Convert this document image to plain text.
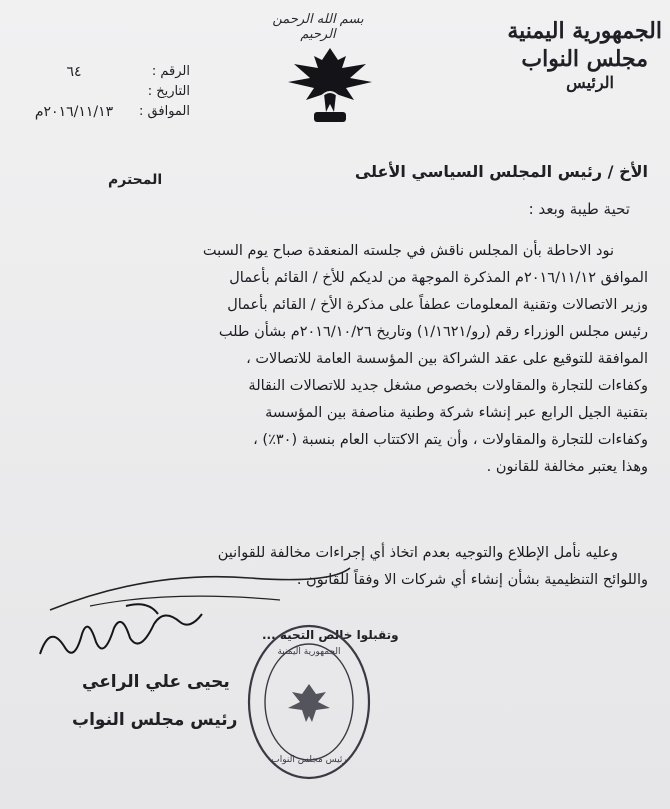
بسم الله الرحمن الرحيم	الجمهورية اليمنية
مجلس النواب
الرئيس
الرقم :
٦٤
التاريخ :
الموافق :
٢٠١٦/١١/١٣م
الأخ / رئيس المجلس السياسي الأعلى
المحترم
تحية طيبة وبعد :
نود الاحاطة بأن المجلس ناقش في جلسته المنعقدة صباح يوم السبت
الموافق ٢٠١٦/١١/١٢م المذكرة الموجهة من لديكم للأخ / القائم بأعمال
وزير الاتصالات وتقنية المعلومات عطفاً على مذكرة الأخ / القائم بأعمال
رئيس مجلس الوزراء رقم (رو/١/١٦٢١) وتاريخ ٢٠١٦/١٠/٢٦م بشأن طلب
الموافقة للتوقيع على عقد الشراكة بين المؤسسة العامة للاتصالات ،
وكفاءات للتجارة والمقاولات بخصوص مشغل جديد للاتصالات النقالة
بتقنية الجيل الرابع عبر إنشاء شركة وطنية مناصفة بين المؤسسة
وكفاءات للتجارة والمقاولات ، وأن يتم الاكتتاب العام بنسبة (٣٠٪) ،
وهذا يعتبر مخالفة للقانون .
وعليه نأمل الإطلاع والتوجيه بعدم اتخاذ أي إجراءات مخالفة للقوانين
واللوائح التنظيمية بشأن إنشاء أي شركات الا وفقاً للقانون .
وتقبلوا خالص التحية ...
يحيى علي الراعي
رئيس مجلس النواب
الجمهورية اليمنية
رئيس مجلس النواب
